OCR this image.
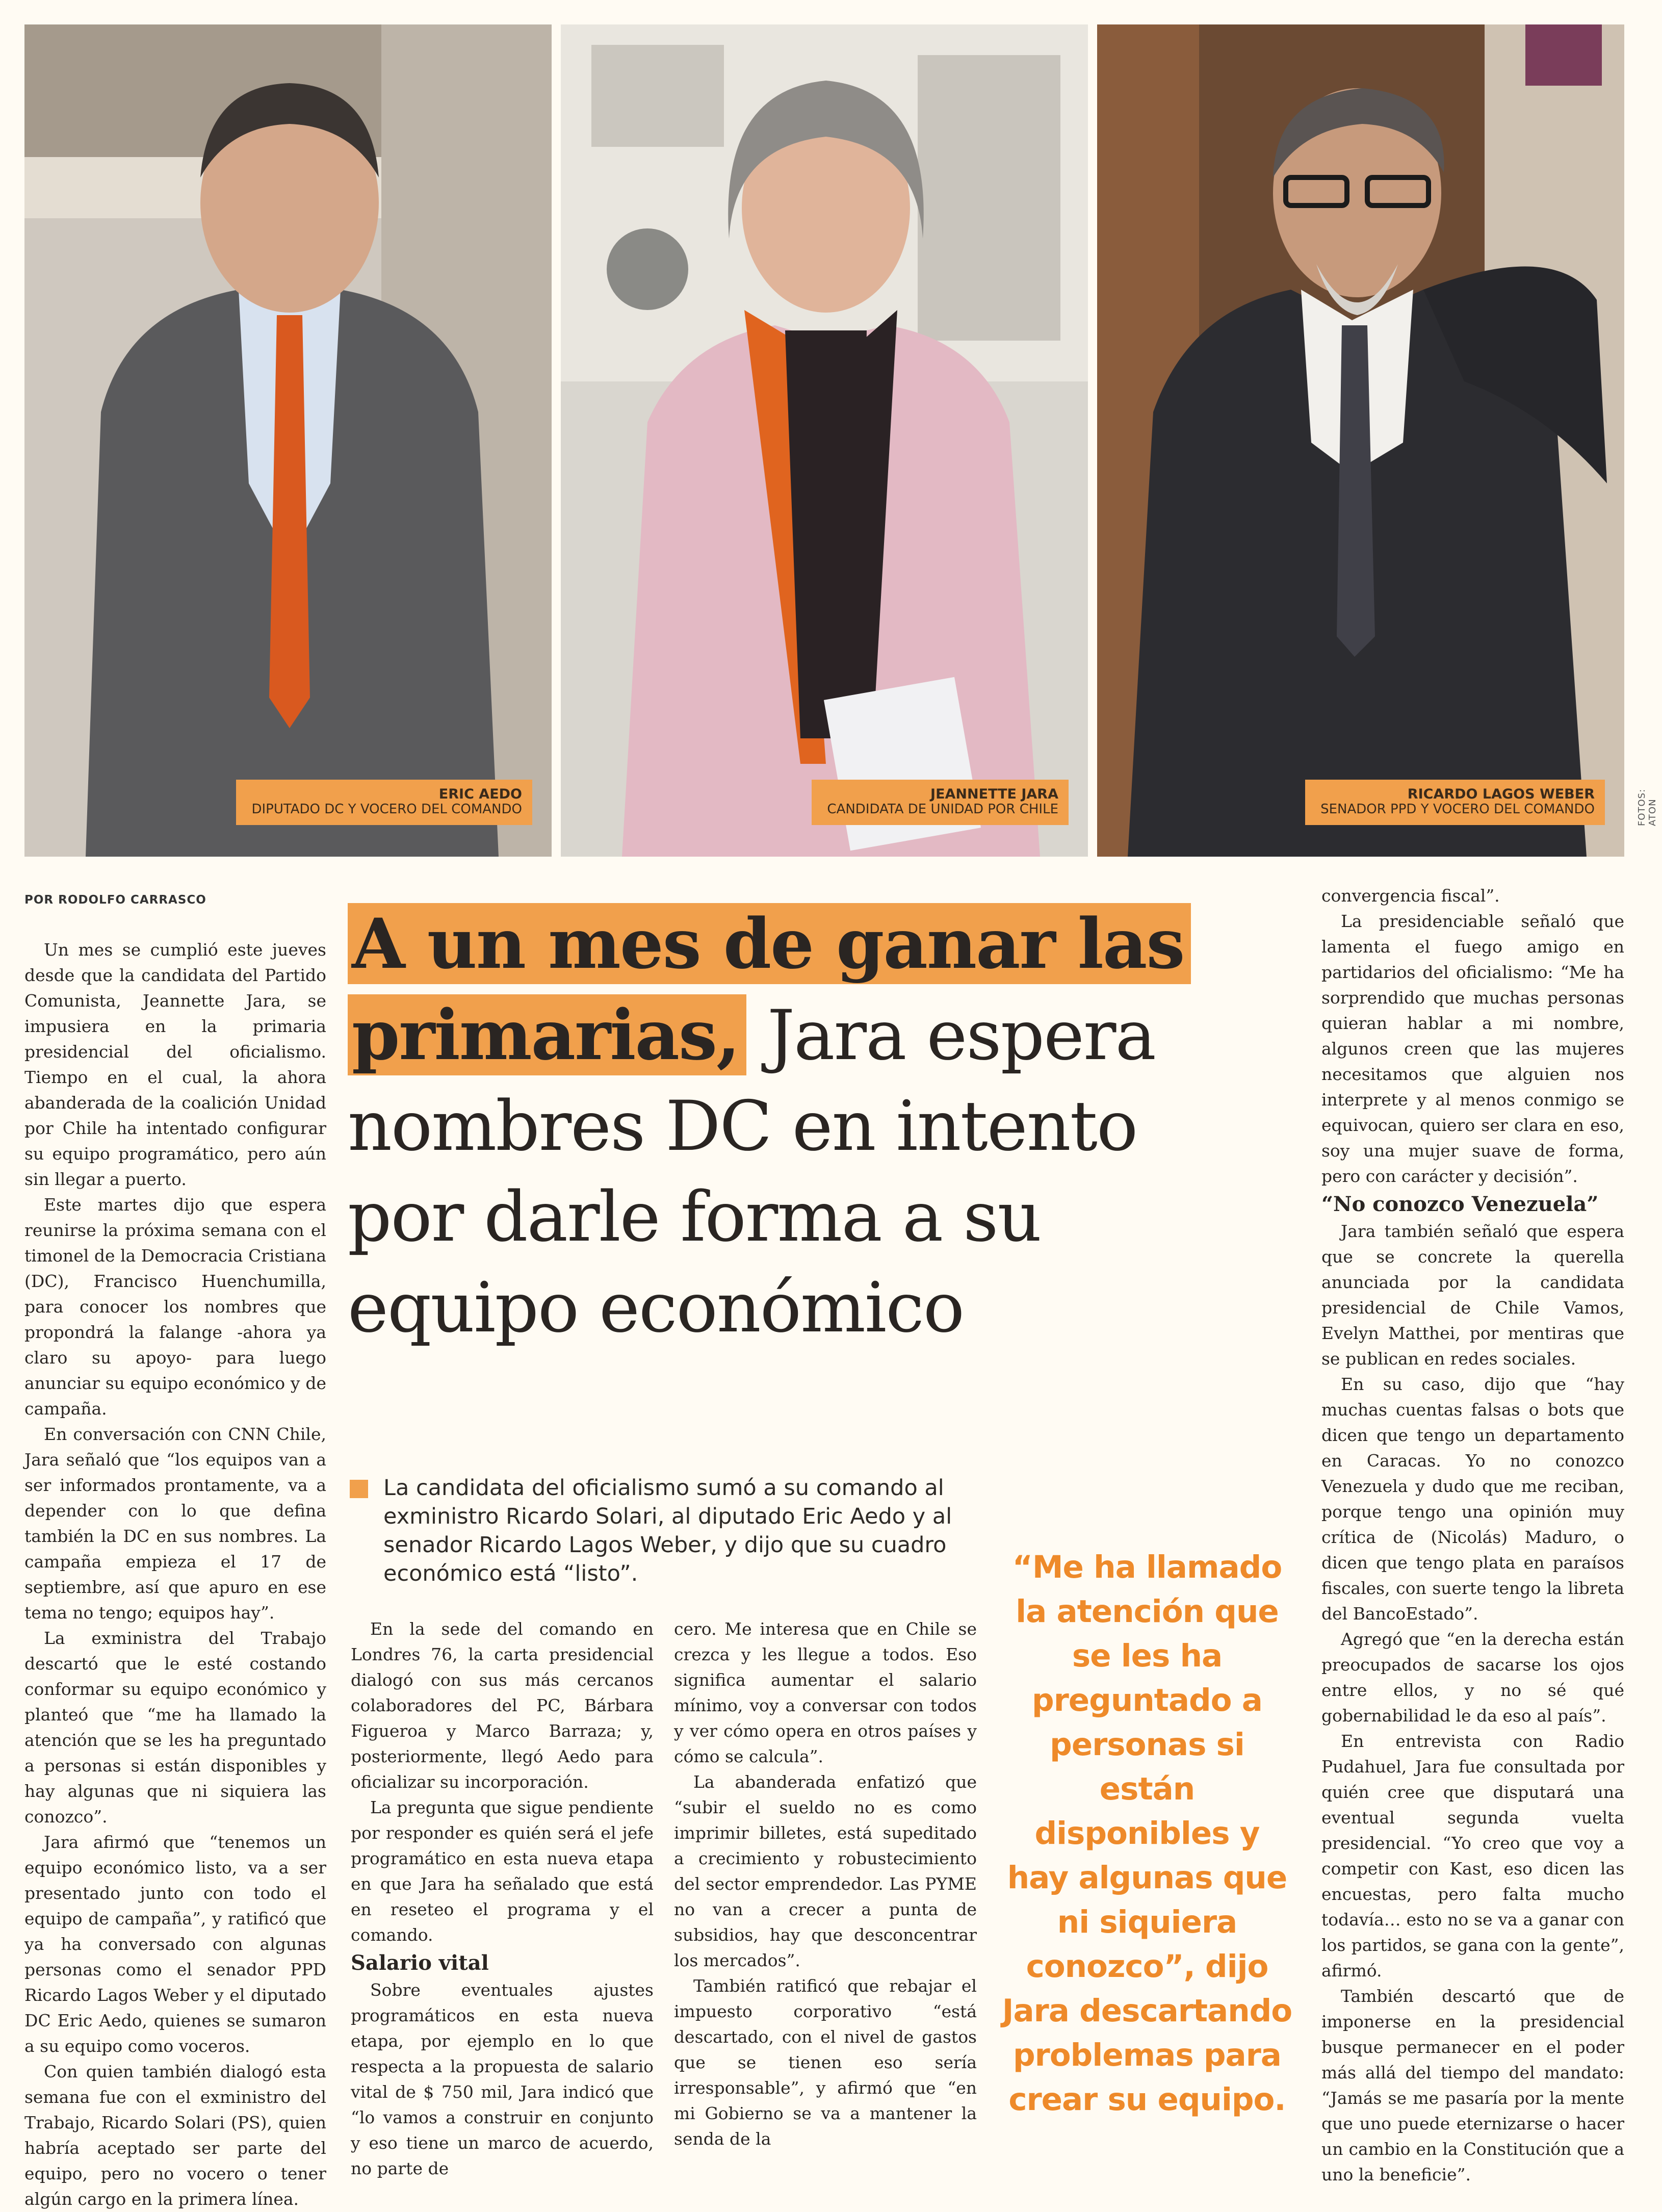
ERIC AEDO
DIPUTADO DC Y VOCERO DEL COMANDO
JEANNETTE JARA
CANDIDATA DE UNIDAD POR CHILE
RICARDO LAGOS WEBER
SENADOR PPD Y VOCERO DEL COMANDO	FOTOS: ATON
POR RODOLFO CARRASCO
A un mes de ganar las primarias, Jara espera nombres DC en intento por darle forma a su equipo económico

Un mes se cumplió este jueves desde que la candidata del Partido Comunista, Jeannette Jara, se impusiera en la primaria presidencial del oficialismo. Tiempo en el cual, la ahora abanderada de la coalición Unidad por Chile ha intentado configurar su equipo programático, pero aún sin llegar a puerto.

Este martes dijo que espera reunirse la próxima semana con el timonel de la Democracia Cristiana (DC), Francisco Huenchumilla, para conocer los nombres que propondrá la falange -ahora ya claro su apoyo- para luego anunciar su equipo económico y de campaña.

En conversación con CNN Chile, Jara señaló que “los equipos van a ser informados prontamente, va a depender con lo que defina también la DC en sus nombres. La campaña empieza el 17 de septiembre, así que apuro en ese tema no tengo; equipos hay”.

La exministra del Trabajo descartó que le esté costando conformar su equipo económico y planteó que “me ha llamado la atención que se les ha preguntado a personas si están disponibles y hay algunas que ni siquiera las conozco”.

Jara afirmó que “tenemos un equipo económico listo, va a ser presentado junto con todo el equipo de campaña”, y ratificó que ya ha conversado con algunas personas como el senador PPD Ricardo Lagos Weber y el diputado DC Eric Aedo, quienes se sumaron a su equipo como voceros.

Con quien también dialogó esta semana fue con el exministro del Trabajo, Ricardo Solari (PS), quien habría aceptado ser parte del equipo, pero no vocero o tener algún cargo en la primera línea.

La candidata del oficialismo sumó a su comando al exministro Ricardo Solari, al diputado Eric Aedo y al senador Ricardo Lagos Weber, y dijo que su cuadro económico está “listo”.

En la sede del comando en Londres 76, la carta presidencial dialogó con sus más cercanos colaboradores del PC, Bárbara Figueroa y Marco Barraza; y, posteriormente, llegó Aedo para oficializar su incorporación.

La pregunta que sigue pendiente por responder es quién será el jefe programático en esta nueva etapa en que Jara ha señalado que está en reseteo el programa y el comando.

Salario vital

Sobre eventuales ajustes programáticos en esta nueva etapa, por ejemplo en lo que respecta a la propuesta de salario vital de $ 750 mil, Jara indicó que “lo vamos a construir en conjunto y eso tiene un marco de acuerdo, no parte de

cero. Me interesa que en Chile se crezca y les llegue a todos. Eso significa aumentar el salario mínimo, voy a conversar con todos y ver cómo opera en otros países y cómo se calcula”.

La abanderada enfatizó que “subir el sueldo no es como imprimir billetes, está supeditado a crecimiento y robustecimiento del sector emprendedor. Las PYME no van a crecer a punta de subsidios, hay que desconcentrar los mercados”.

También ratificó que rebajar el impuesto corporativo “está descartado, con el nivel de gastos que se tienen eso sería irresponsable”, y afirmó que “en mi Gobierno se va a mantener la senda de la

“Me ha llamado la atención que se les ha preguntado a personas si están disponibles y hay algunas que ni siquiera conozco”, dijo Jara descartando problemas para crear su equipo.

convergencia fiscal”.

La presidenciable señaló que lamenta el fuego amigo en partidarios del oficialismo: “Me ha sorprendido que muchas personas quieran hablar a mi nombre, algunos creen que las mujeres necesitamos que alguien nos interprete y al menos conmigo se equivocan, quiero ser clara en eso, soy una mujer suave de forma, pero con carácter y decisión”.

“No conozco Venezuela”

Jara también señaló que espera que se concrete la querella anunciada por la candidata presidencial de Chile Vamos, Evelyn Matthei, por mentiras que se publican en redes sociales.

En su caso, dijo que “hay muchas cuentas falsas o bots que dicen que tengo un departamento en Caracas. Yo no conozco Venezuela y dudo que me reciban, porque tengo una opinión muy crítica de (Nicolás) Maduro, o dicen que tengo plata en paraísos fiscales, con suerte tengo la libreta del BancoEstado”.

Agregó que “en la derecha están preocupados de sacarse los ojos entre ellos, y no sé qué gobernabilidad le da eso al país”.

En entrevista con Radio Pudahuel, Jara fue consultada por quién cree que disputará una eventual segunda vuelta presidencial. “Yo creo que voy a competir con Kast, eso dicen las encuestas, pero falta mucho todavía… esto no se va a ganar con los partidos, se gana con la gente”, afirmó.

También descartó que de imponerse en la presidencial busque permanecer en el poder más allá del tiempo del mandato: “Jamás se me pasaría por la mente que uno puede eternizarse o hacer un cambio en la Constitución que a uno la beneficie”.
